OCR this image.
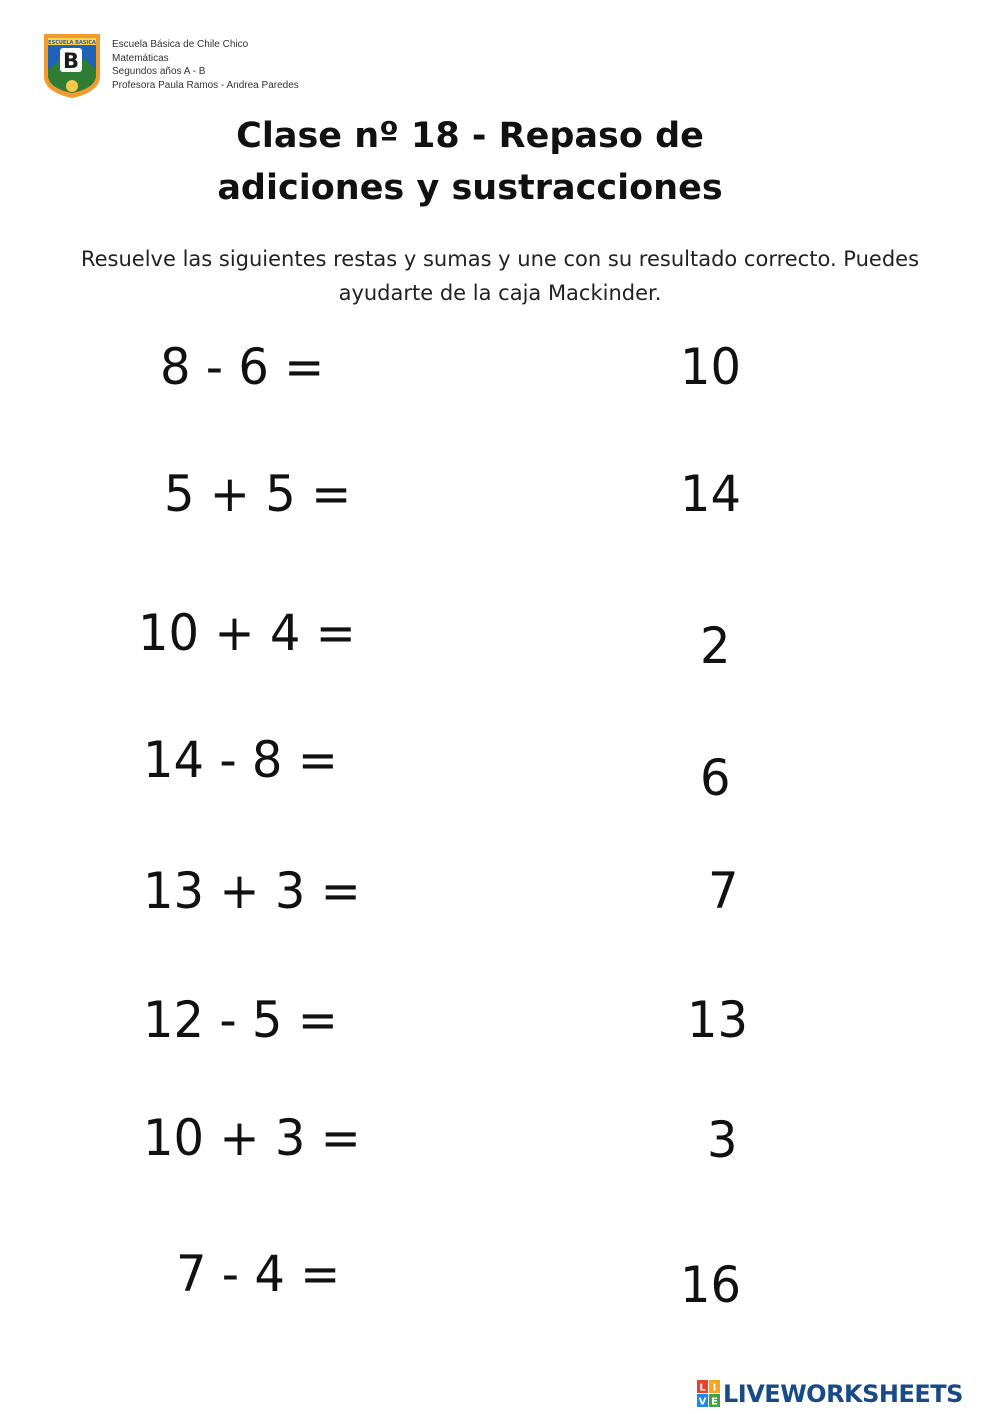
ESCUELA BASICA
B
Escuela Básica de Chile Chico
Matemáticas
Segundos años A - B
Profesora Paula Ramos - Andrea Paredes
Clase nº 18 - Repaso de
adiciones y sustracciones
Resuelve las siguientes restas y sumas y une con su resultado correcto. Puedes
ayudarte de la caja Mackinder.
8 - 6 =
5 + 5 =
10 + 4 =
14 - 8 =
13 + 3 =
12 - 5 =
10 + 3 =
7 - 4 =
10
14
2
6
7
13
3
16
L I
V E LIVEWORKSHEETS
